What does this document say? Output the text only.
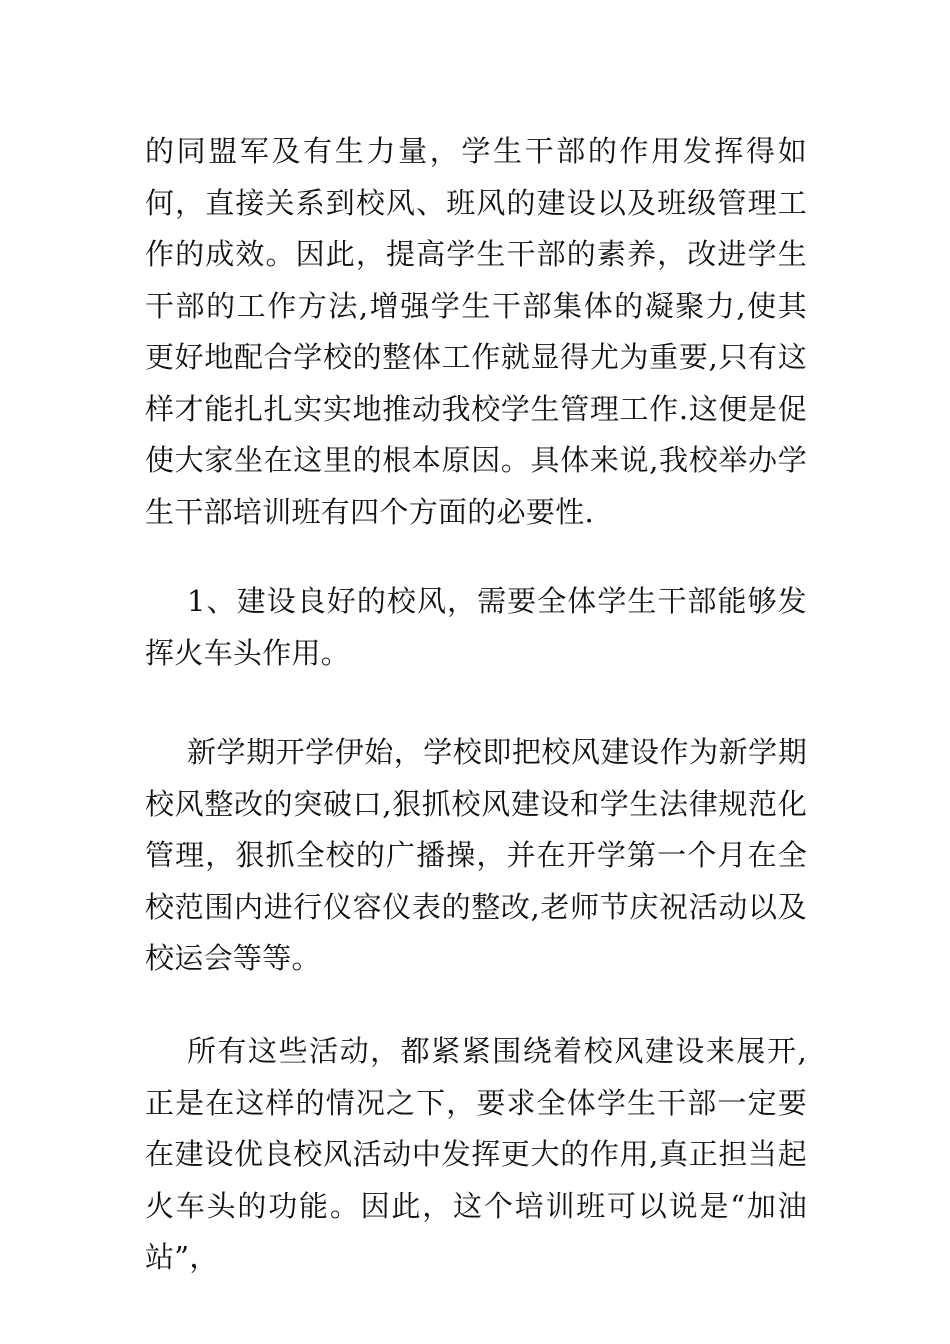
的同盟军及有生力量，学生干部的作用发挥得如何，直接关系到校风、班风的建设以及班级管理工作的成效。因此，提高学生干部的素养，改进学生干部的工作方法,增强学生干部集体的凝聚力,使其更好地配合学校的整体工作就显得尤为重要,只有这样才能扎扎实实地推动我校学生管理工作.这便是促使大家坐在这里的根本原因。具体来说,我校举办学生干部培训班有四个方面的必要性.

1、建设良好的校风，需要全体学生干部能够发挥火车头作用。

新学期开学伊始，学校即把校风建设作为新学期校风整改的突破口,狠抓校风建设和学生法律规范化管理，狠抓全校的广播操，并在开学第一个月在全校范围内进行仪容仪表的整改,老师节庆祝活动以及校运会等等。

所有这些活动，都紧紧围绕着校风建设来展开,正是在这样的情况之下，要求全体学生干部一定要在建设优良校风活动中发挥更大的作用,真正担当起火车头的功能。因此，这个培训班可以说是“加油站”，
